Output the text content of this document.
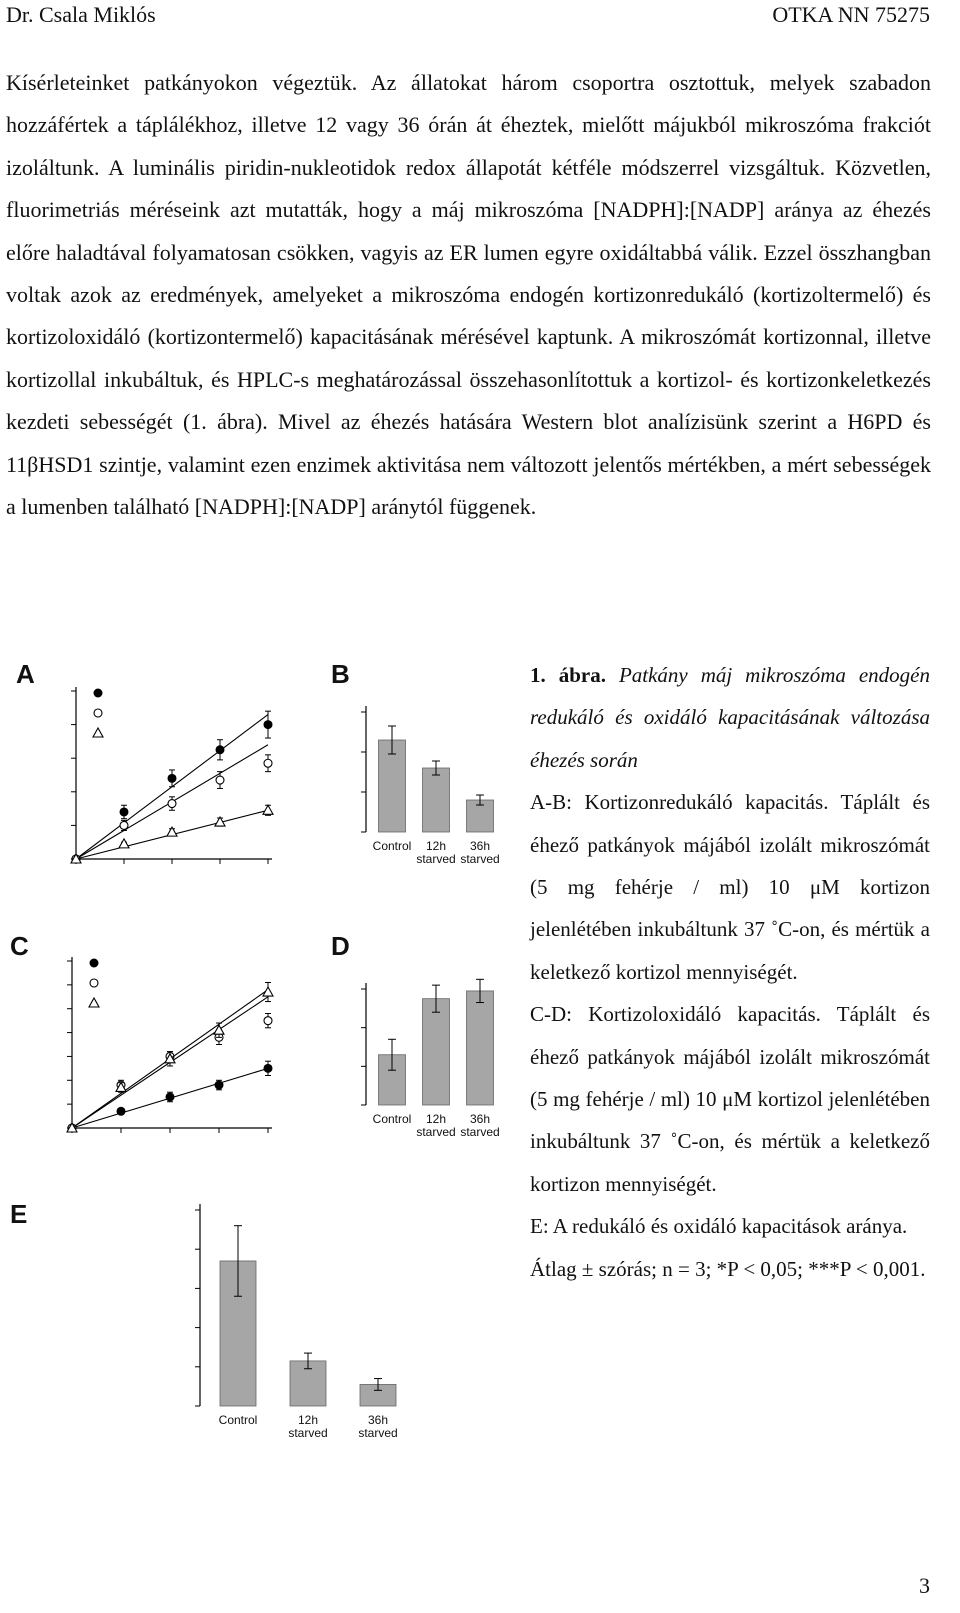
Dr. Csala Miklós	OTKA NN 75275
Kísérleteinket patkányokon végeztük. Az állatokat három csoportra osztottuk, melyek szabadon hozzáfértek a táplálékhoz, illetve 12 vagy 36 órán át éheztek, mielőtt májukból mikroszóma frakciót izoláltunk. A luminális piridin-nukleotidok redox állapotát kétféle módszerrel vizsgáltuk. Közvetlen, fluorimetriás méréseink azt mutatták, hogy a máj mikroszóma [NADPH]:[NADP] aránya az éhezés előre haladtával folyamatosan csökken, vagyis az ER lumen egyre oxidáltabbá válik. Ezzel összhangban voltak azok az eredmények, amelyeket a mikroszóma endogén kortizonredukáló (kortizoltermelő) és kortizoloxidáló (kortizontermelő) kapacitásának mérésével kaptunk. A mikroszómát kortizonnal, illetve kortizollal inkubáltuk, és HPLC-s meghatározással összehasonlítottuk a kortizol- és kortizonkeletkezés kezdeti sebességét (1. ábra). Mivel az éhezés hatására Western blot analízisünk szerint a H6PD és 11βHSD1 szintje, valamint ezen enzimek aktivitása nem változott jelentős mértékben, a mért sebességek a lumenben található [NADPH]:[NADP] aránytól függenek.
A	B
C	D
E
Control 12h
starved
36h
starved
Control 12h
starved
36h
starved
Control	12h
starved
36h
starved

1. ábra. Patkány máj mikroszóma endogén redukáló és oxidáló kapacitásának változása éhezés során

A-B: Kortizonredukáló kapacitás. Táplált és éhező patkányok májából izolált mikroszómát (5 mg fehérje / ml) 10 μM kortizon jelenlétében inkubáltunk 37 ˚C-on, és mértük a keletkező kortizol mennyiségét.

C-D: Kortizoloxidáló kapacitás. Táplált és éhező patkányok májából izolált mikroszómát (5 mg fehérje / ml) 10 μM kortizol jelenlétében inkubáltunk 37 ˚C-on, és mértük a keletkező kortizon mennyiségét.

E: A redukáló és oxidáló kapacitások aránya.

Átlag ± szórás; n = 3; *P < 0,05; ***P < 0,001.

3
